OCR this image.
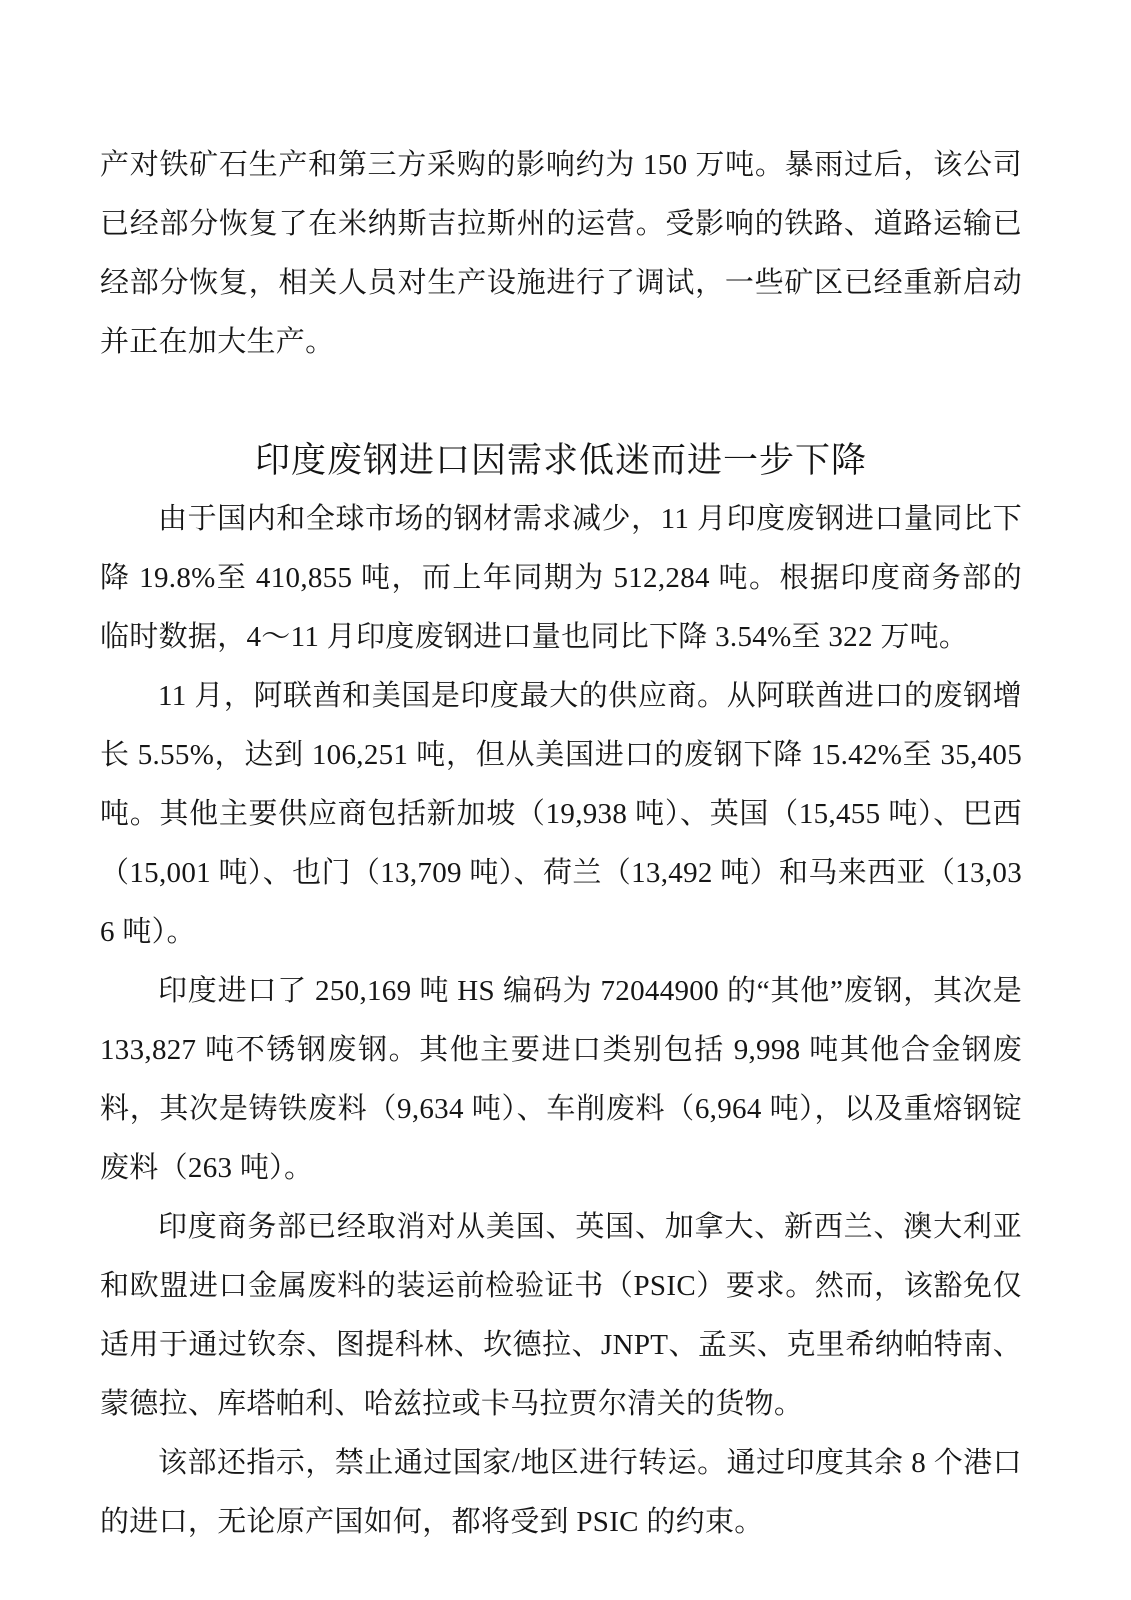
产对铁矿石生产和第三方采购的影响约为 150 万吨。暴雨过后，该公司已经部分恢复了在米纳斯吉拉斯州的运营。受影响的铁路、道路运输已经部分恢复，相关人员对生产设施进行了调试，一些矿区已经重新启动并正在加大生产。

印度废钢进口因需求低迷而进一步下降

由于国内和全球市场的钢材需求减少，11 月印度废钢进口量同比下降 19.8%至 410,855 吨，而上年同期为 512,284 吨。根据印度商务部的临时数据，4～11 月印度废钢进口量也同比下降 3.54%至 322 万吨。

11 月，阿联酋和美国是印度最大的供应商。从阿联酋进口的废钢增长 5.55%，达到 106,251 吨，但从美国进口的废钢下降 15.42%至 35,405 吨。其他主要供应商包括新加坡（19,938 吨）、英国（15,455 吨）、巴西（15,001 吨）、也门（13,709 吨）、荷兰（13,492 吨）和马来西亚（13,036 吨）。

印度进口了 250,169 吨 HS 编码为 72044900 的“其他”废钢，其次是 133,827 吨不锈钢废钢。其他主要进口类别包括 9,998 吨其他合金钢废料，其次是铸铁废料（9,634 吨）、车削废料（6,964 吨），以及重熔钢锭废料（263 吨）。

印度商务部已经取消对从美国、英国、加拿大、新西兰、澳大利亚和欧盟进口金属废料的装运前检验证书（PSIC）要求。然而，该豁免仅适用于通过钦奈、图提科林、坎德拉、JNPT、孟买、克里希纳帕特南、蒙德拉、库塔帕利、哈兹拉或卡马拉贾尔清关的货物。

该部还指示，禁止通过国家/地区进行转运。通过印度其余 8 个港口的进口，无论原产国如何，都将受到 PSIC 的约束。
